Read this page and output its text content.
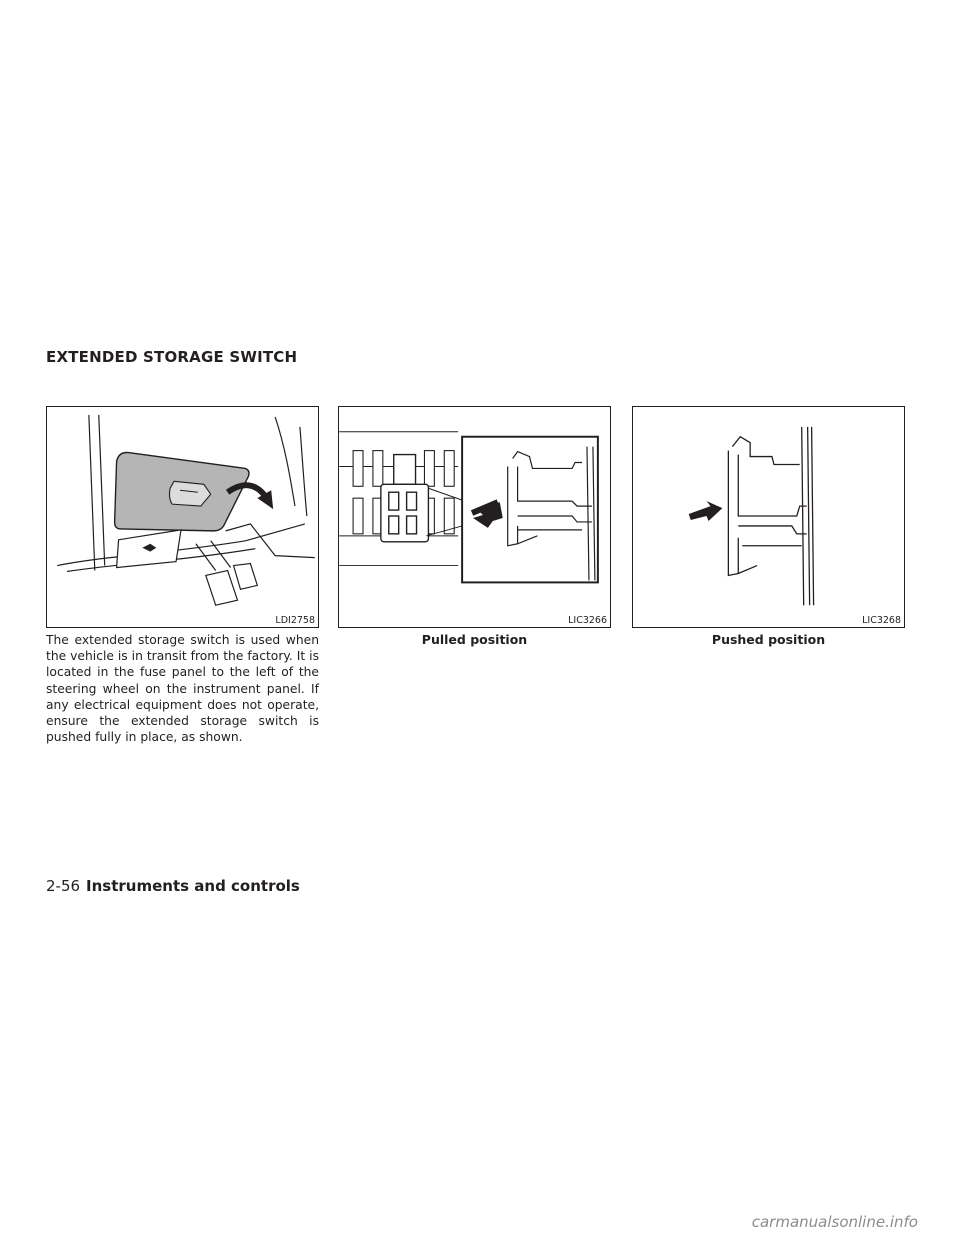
EXTENDED STORAGE SWITCH
LDI2758	LIC3266
Pulled position
LIC3268
Pushed position

The extended storage switch is used when the vehicle is in transit from the factory. It is located in the fuse panel to the left of the steering wheel on the instrument panel. If any electrical equipment does not operate, ensure the extended storage switch is pushed fully in place, as shown.

2-56 Instruments and controls
carmanualsonline.info
